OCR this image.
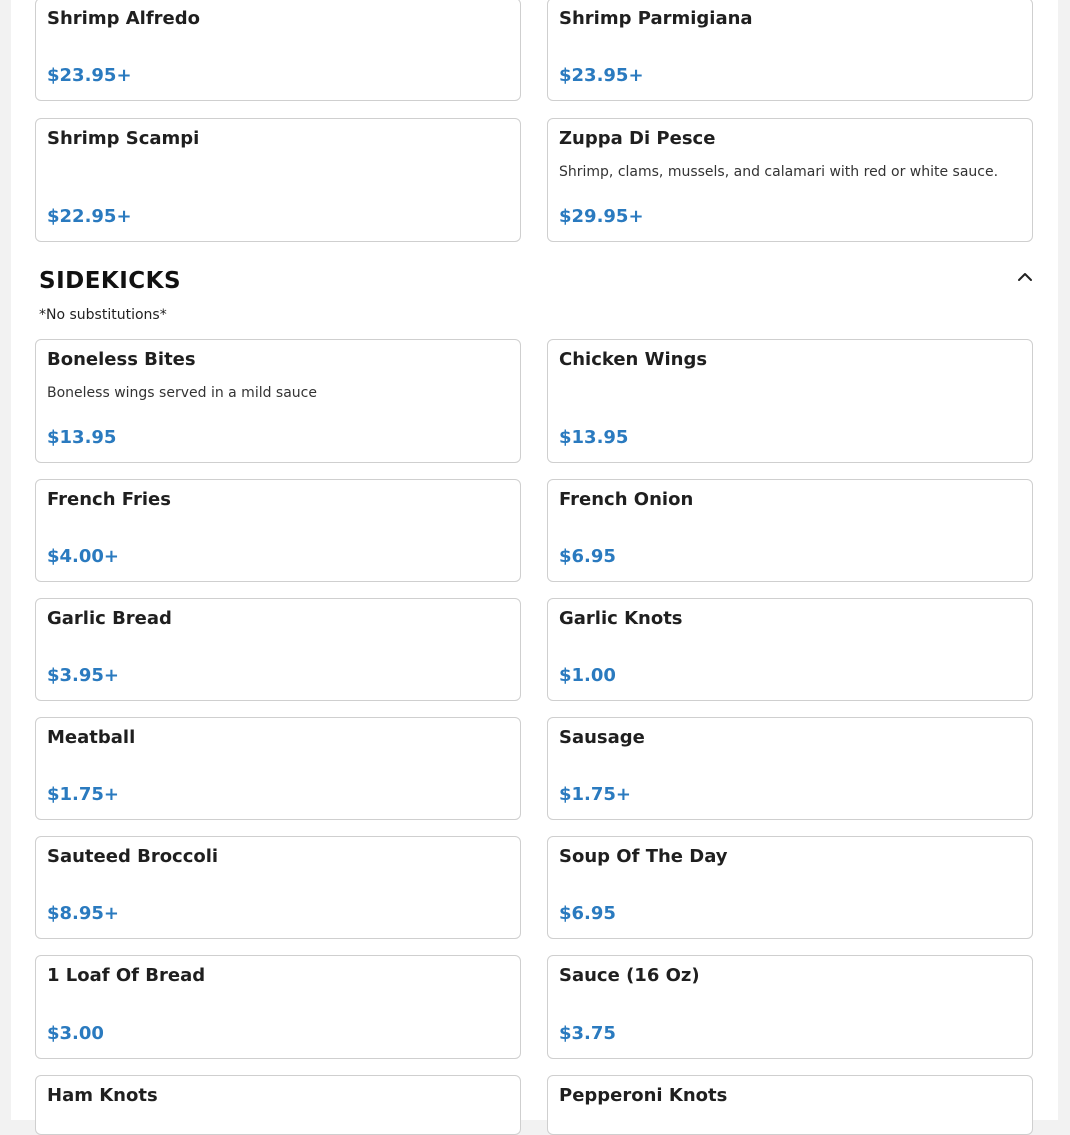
Shrimp Alfredo
$23.95+
Shrimp Parmigiana
$23.95+
Shrimp Scampi
$22.95+
Zuppa Di Pesce
Shrimp, clams, mussels, and calamari with red or white sauce.
$29.95+
SIDEKICKS
*No substitutions*
Boneless Bites
Boneless wings served in a mild sauce
$13.95
Chicken Wings
$13.95
French Fries
$4.00+
French Onion
$6.95
Garlic Bread
$3.95+
Garlic Knots
$1.00
Meatball
$1.75+
Sausage
$1.75+
Sauteed Broccoli
$8.95+
Soup Of The Day
$6.95
1 Loaf Of Bread
$3.00
Sauce (16 Oz)
$3.75
Ham Knots	Pepperoni Knots
